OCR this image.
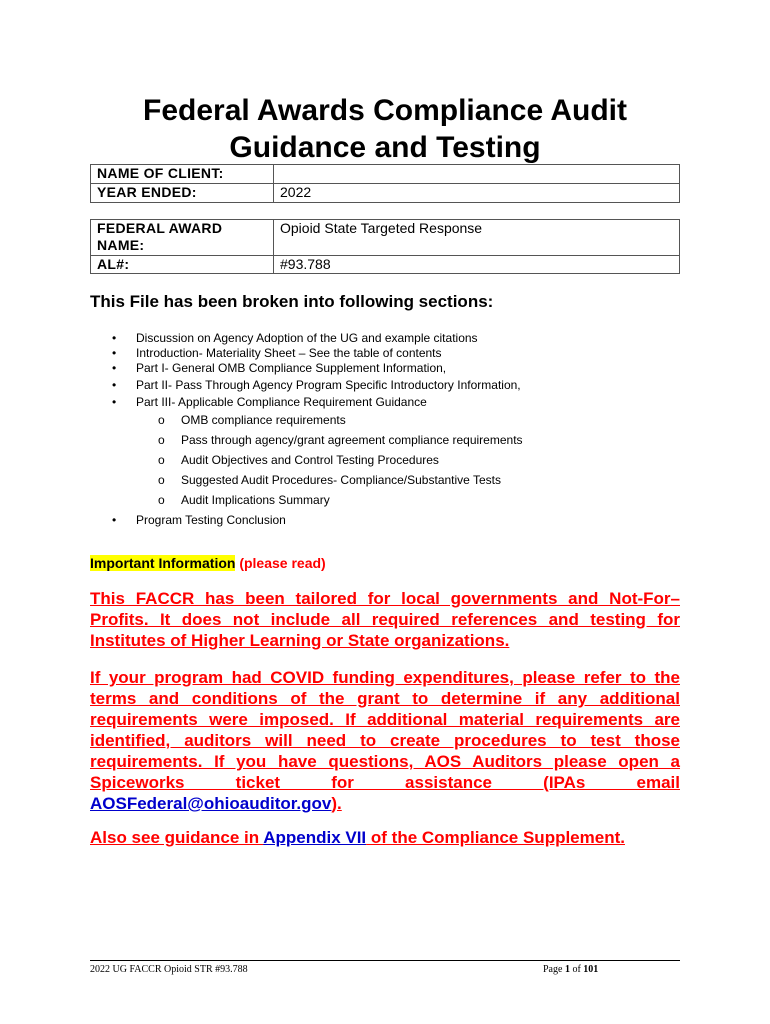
Federal Awards Compliance Audit
Guidance and Testing
NAME OF CLIENT:	
YEAR ENDED:	2022
FEDERAL AWARD NAME:	Opioid State Targeted Response
AL#:	#93.788
This File has been broken into following sections:
• Discussion on Agency Adoption of the UG and example citations
• Introduction- Materiality Sheet – See the table of contents
• Part I- General OMB Compliance Supplement Information,
• Part II- Pass Through Agency Program Specific Introductory Information,
• Part III- Applicable Compliance Requirement Guidance
o OMB compliance requirements
o Pass through agency/grant agreement compliance requirements
o Audit Objectives and Control Testing Procedures
o Suggested Audit Procedures- Compliance/Substantive Tests
o Audit Implications Summary
• Program Testing Conclusion
Important Information (please read)
This FACCR has been tailored for local governments and Not-For–Profits. It does not include all required references and testing for Institutes of Higher Learning or State organizations.
If your program had COVID funding expenditures, please refer to the terms and conditions of the grant to determine if any additional requirements were imposed. If additional material requirements are identified, auditors will need to create procedures to test those requirements. If you have questions, AOS Auditors please open a Spiceworks ticket for assistance (IPAs email AOSFederal@ohioauditor.gov).
Also see guidance in Appendix VII of the Compliance Supplement.
2022 UG FACCR Opioid STR #93.788	Page 1 of 101
